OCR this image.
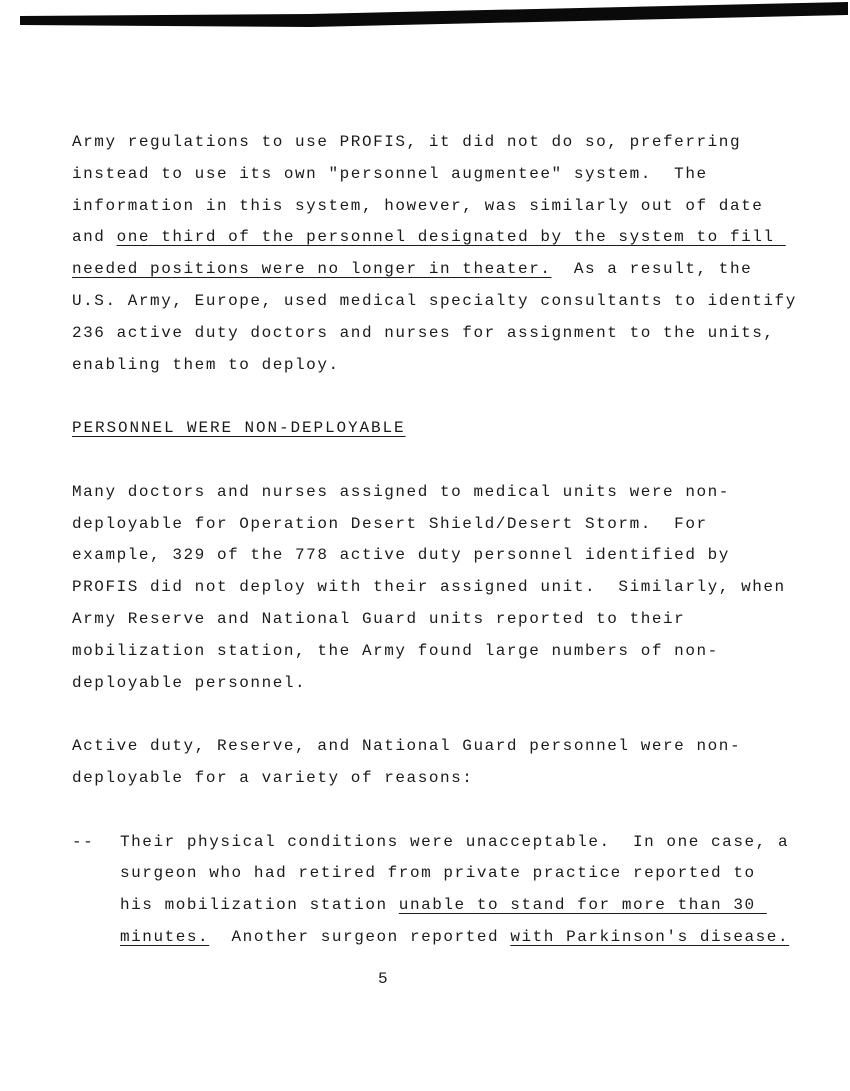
Army regulations to use PROFIS, it did not do so, preferring
instead to use its own "personnel augmentee" system.  The
information in this system, however, was similarly out of date
and one third of the personnel designated by the system to fill
needed positions were no longer in theater.  As a result, the
U.S. Army, Europe, used medical specialty consultants to identify
236 active duty doctors and nurses for assignment to the units,
enabling them to deploy.
PERSONNEL WERE NON-DEPLOYABLE
Many doctors and nurses assigned to medical units were non-
deployable for Operation Desert Shield/Desert Storm.  For
example, 329 of the 778 active duty personnel identified by
PROFIS did not deploy with their assigned unit.  Similarly, when
Army Reserve and National Guard units reported to their
mobilization station, the Army found large numbers of non-
deployable personnel.
Active duty, Reserve, and National Guard personnel were non-
deployable for a variety of reasons:
--	Their physical conditions were unacceptable.  In one case, a
surgeon who had retired from private practice reported to
his mobilization station unable to stand for more than 30
minutes.  Another surgeon reported with Parkinson's disease.
5
